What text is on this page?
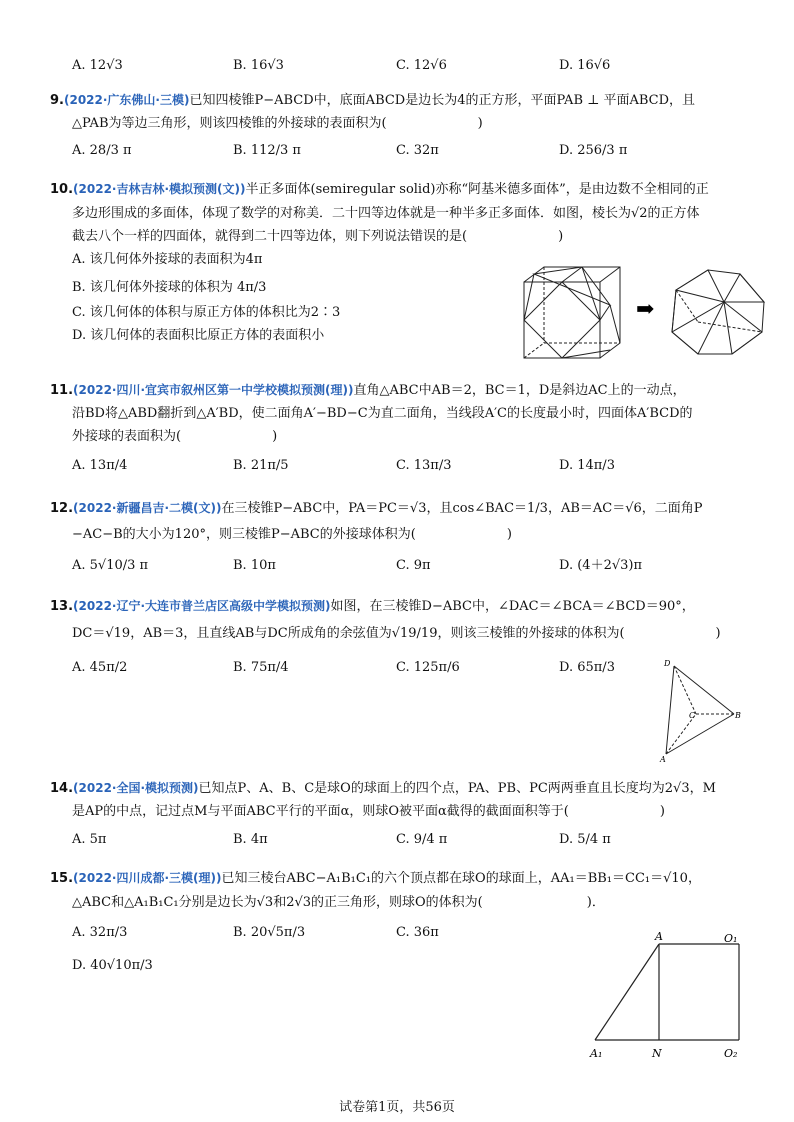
A. 12√3	B. 16√3	C. 12√6	D. 16√6
9.(2022·广东佛山·三模)已知四棱锥P−ABCD中，底面ABCD是边长为4的正方形，平面PAB ⊥ 平面ABCD，且
△PAB为等边三角形，则该四棱锥的外接球的表面积为(　　　　　　　)
A. 28/3 π	B. 112/3 π	C. 32π	D. 256/3 π
10.(2022·吉林吉林·模拟预测(文))半正多面体(semiregular solid)亦称“阿基米德多面体”，是由边数不全相同的正
多边形围成的多面体，体现了数学的对称美．二十四等边体就是一种半多正多面体．如图，棱长为√2的正方体
截去八个一样的四面体，就得到二十四等边体，则下列说法错误的是(　　　　　　　)
A. 该几何体外接球的表面积为4π
B. 该几何体外接球的体积为 4π/3
C. 该几何体的体积与原正方体的体积比为2∶3
D. 该几何体的表面积比原正方体的表面积小
➡
11.(2022·四川·宜宾市叙州区第一中学校模拟预测(理))直角△ABC中AB＝2，BC＝1，D是斜边AC上的一动点，
沿BD将△ABD翻折到△A′BD，使二面角A′−BD−C为直二面角，当线段A′C的长度最小时，四面体A′BCD的
外接球的表面积为(　　　　　　　)
A. 13π/4	B. 21π/5	C. 13π/3	D. 14π/3
12.(2022·新疆昌吉·二模(文))在三棱锥P−ABC中，PA＝PC＝√3，且cos∠BAC＝1/3，AB＝AC＝√6，二面角P
−AC−B的大小为120°，则三棱锥P−ABC的外接球体积为(　　　　　　　)
A. 5√10/3 π	B. 10π	C. 9π	D. (4＋2√3)π
13.(2022·辽宁·大连市普兰店区高级中学模拟预测)如图，在三棱锥D−ABC中，∠DAC＝∠BCA＝∠BCD＝90°，
DC＝√19，AB＝3，且直线AB与DC所成角的余弦值为√19/19，则该三棱锥的外接球的体积为(　　　　　　　)
A. 45π/2	B. 75π/4	C. 125π/6	D. 65π/3	D
C	B
A
14.(2022·全国·模拟预测)已知点P、A、B、C是球O的球面上的四个点，PA、PB、PC两两垂直且长度均为2√3，M
是AP的中点，记过点M与平面ABC平行的平面α，则球O被平面α截得的截面面积等于(　　　　　　　)
A. 5π	B. 4π	C. 9/4 π	D. 5/4 π
15.(2022·四川成都·三模(理))已知三棱台ABC−A₁B₁C₁的六个顶点都在球O的球面上，AA₁＝BB₁＝CC₁＝√10，
△ABC和△A₁B₁C₁分别是边长为√3和2√3的正三角形，则球O的体积为(　　　　　　　　)．
A. 32π/3	B. 20√5π/3	C. 36π
D. 40√10π/3
A	O₁
A₁	N	O₂
试卷第1页，共56页
